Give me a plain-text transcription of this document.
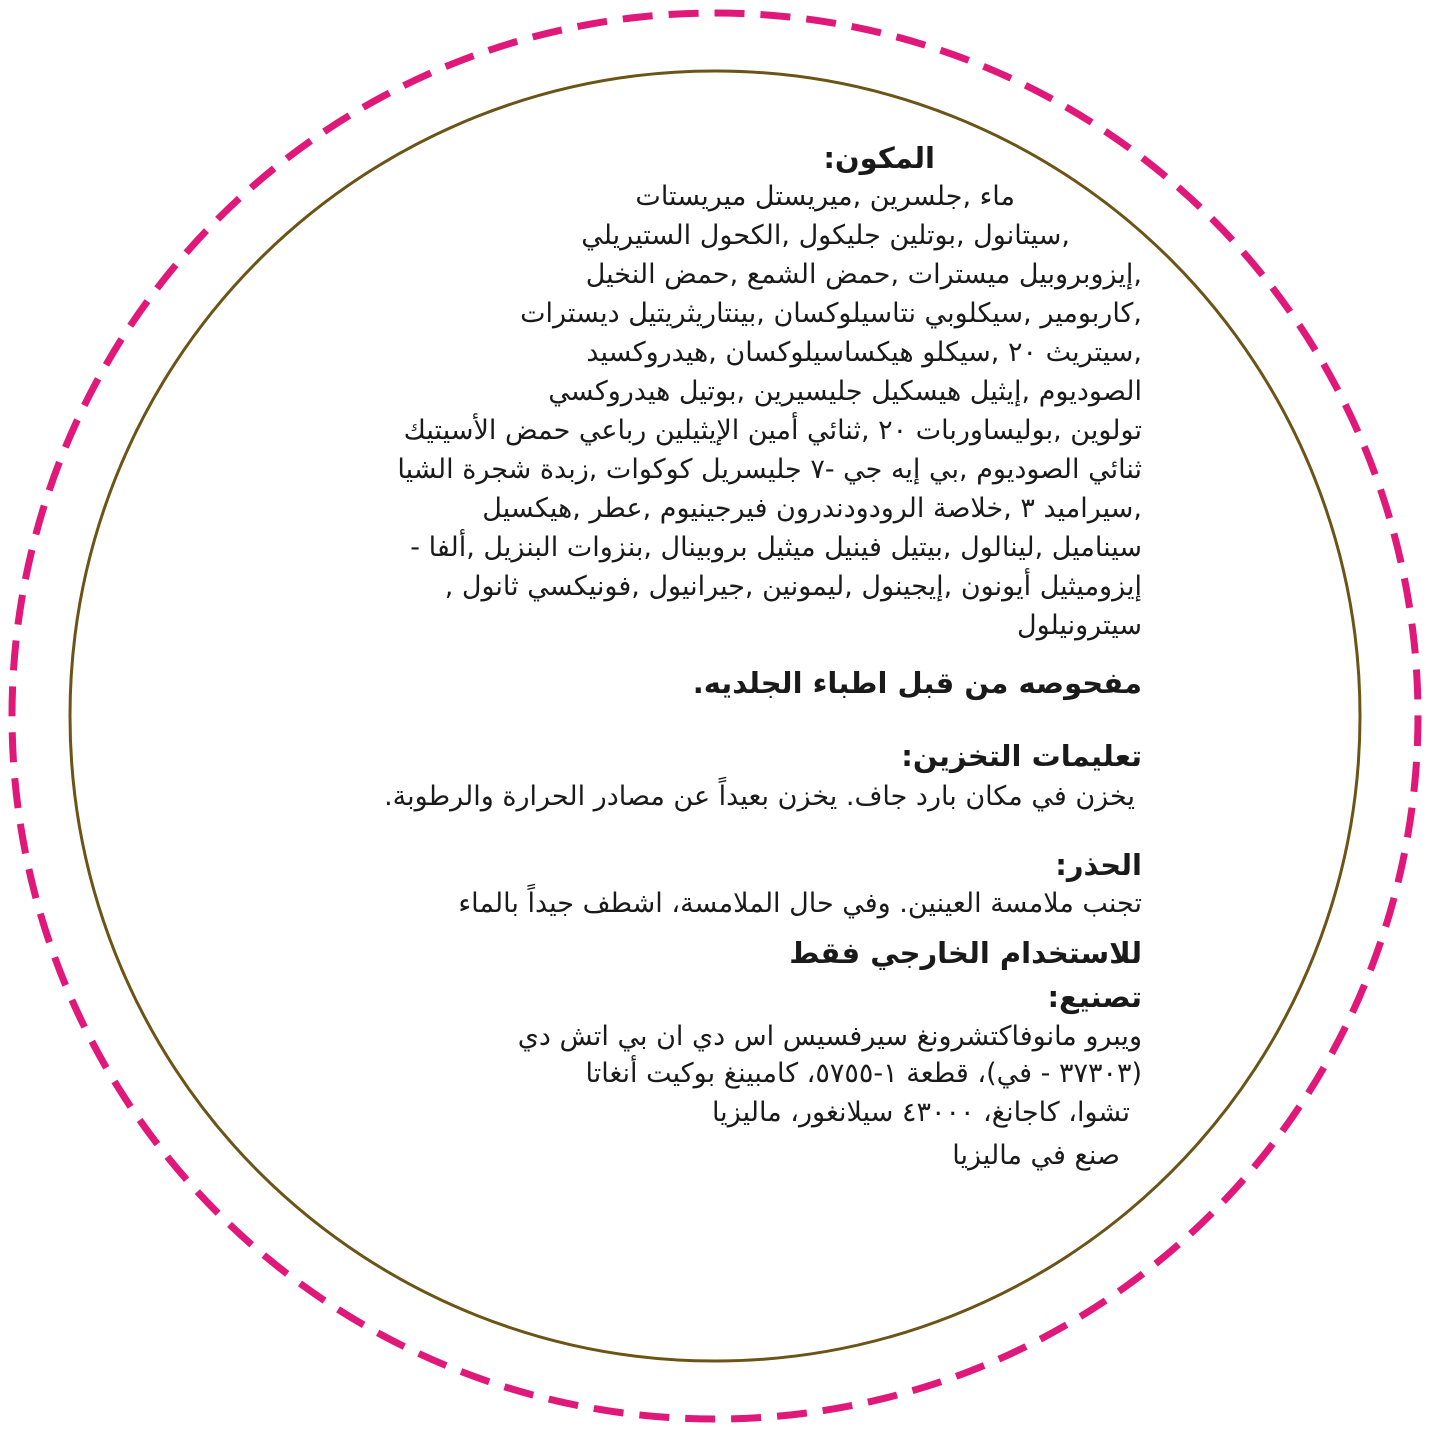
المكون:
ماء ,جلسرين ,ميريستل ميريستات
,سيتانول ,بوتلين جليكول ,الكحول الستيريلي
,إيزوبروبيل ميسترات ,حمض الشمع ,حمض النخيل
,كاربومير ,سيكلوبي نتاسيلوكسان ,بينتاريثريتيل ديسترات
,سيتريث ٢٠ ,سيكلو هيكساسيلوكسان ,هيدروكسيد
الصوديوم ,إيثيل هيسكيل جليسيرين ,بوتيل هيدروكسي
تولوين ,بوليساوربات ٢٠ ,ثنائي أمين الإيثيلين رباعي حمض الأسيتيك
ثنائي الصوديوم ,بي إيه جي -٧ جليسريل كوكوات ,زبدة شجرة الشيا
,سيراميد ٣ ,خلاصة الرودودندرون فيرجينيوم ,عطر ,هيكسيل
سيناميل ,لينالول ,بيتيل فينيل ميثيل بروبينال ,بنزوات البنزيل ,ألفا -
إيزوميثيل أيونون ,إيجينول ,ليمونين ,جيرانيول ,فونيكسي ثانول ,
سيترونيلول
مفحوصه من قبل اطباء الجلديه.
تعليمات التخزين:
يخزن في مكان بارد جاف. يخزن بعيداً عن مصادر الحرارة والرطوبة.
الحذر:
تجنب ملامسة العينين. وفي حال الملامسة، اشطف جيداً بالماء
للاستخدام الخارجي فقط
تصنيع:
ويبرو مانوفاكتشرونغ سيرفسيس اس دي ان بي اتش دي
(٣٧٣٠٣ - في)، قطعة ١-٥٧٥٥، كامبينغ بوكيت أنغاتا
تشوا، كاجانغ، ٤٣٠٠٠ سيلانغور، ماليزيا
صنع في ماليزيا
